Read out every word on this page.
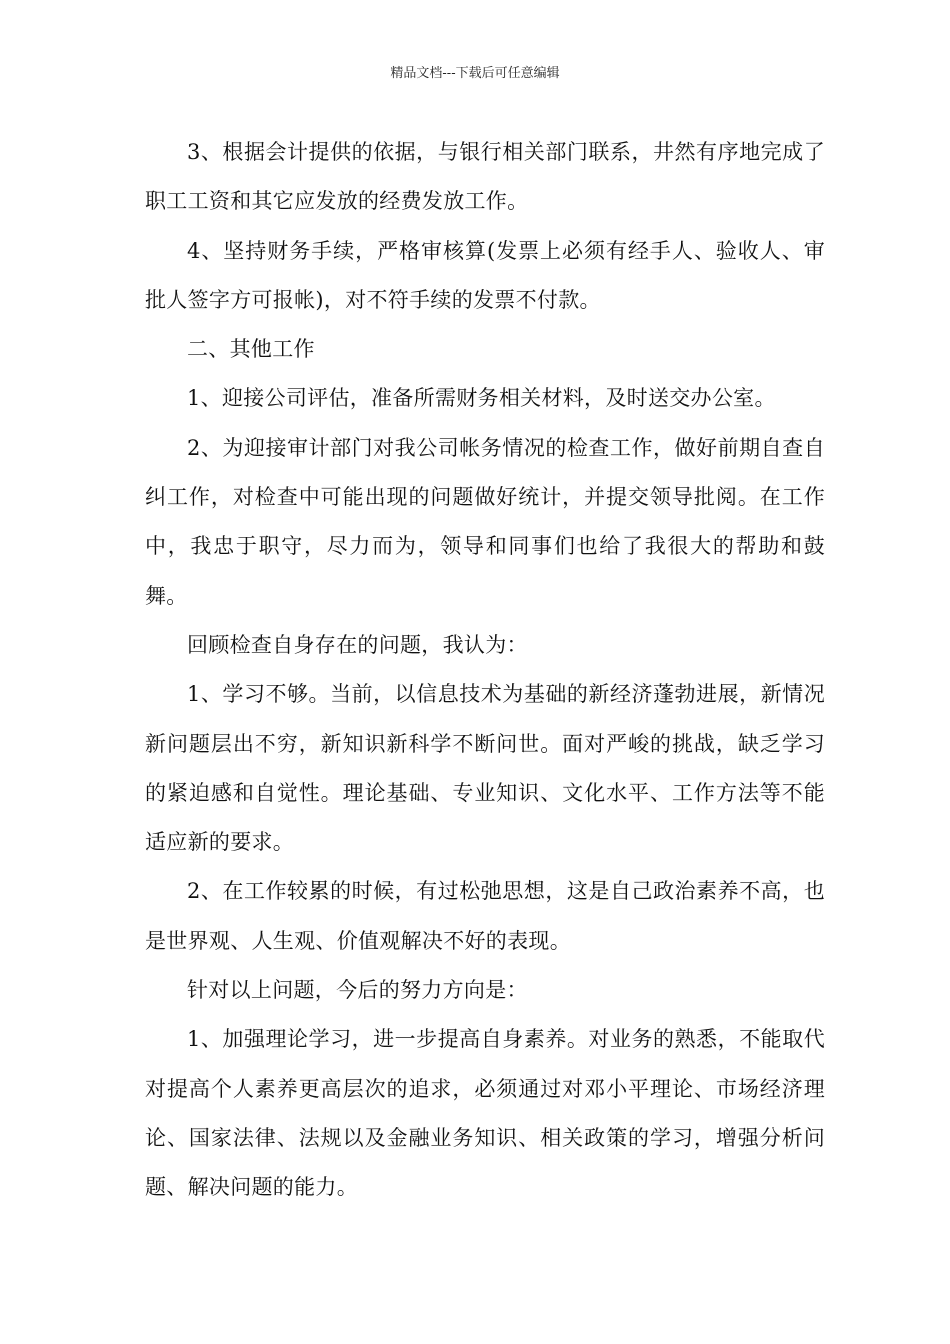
精品文档---下载后可任意编辑

3、根据会计提供的依据，与银行相关部门联系，井然有序地完成了职工工资和其它应发放的经费发放工作。

4、坚持财务手续，严格审核算(发票上必须有经手人、验收人、审批人签字方可报帐)，对不符手续的发票不付款。

二、其他工作

1、迎接公司评估，准备所需财务相关材料，及时送交办公室。

2、为迎接审计部门对我公司帐务情况的检查工作，做好前期自查自纠工作，对检查中可能出现的问题做好统计，并提交领导批阅。在工作中，我忠于职守，尽力而为，领导和同事们也给了我很大的帮助和鼓舞。

回顾检查自身存在的问题，我认为：

1、学习不够。当前，以信息技术为基础的新经济蓬勃进展，新情况新问题层出不穷，新知识新科学不断问世。面对严峻的挑战，缺乏学习的紧迫感和自觉性。理论基础、专业知识、文化水平、工作方法等不能适应新的要求。

2、在工作较累的时候，有过松弛思想，这是自己政治素养不高，也是世界观、人生观、价值观解决不好的表现。

针对以上问题，今后的努力方向是：

1、加强理论学习，进一步提高自身素养。对业务的熟悉，不能取代对提高个人素养更高层次的追求，必须通过对邓小平理论、市场经济理论、国家法律、法规以及金融业务知识、相关政策的学习，增强分析问题、解决问题的能力。
